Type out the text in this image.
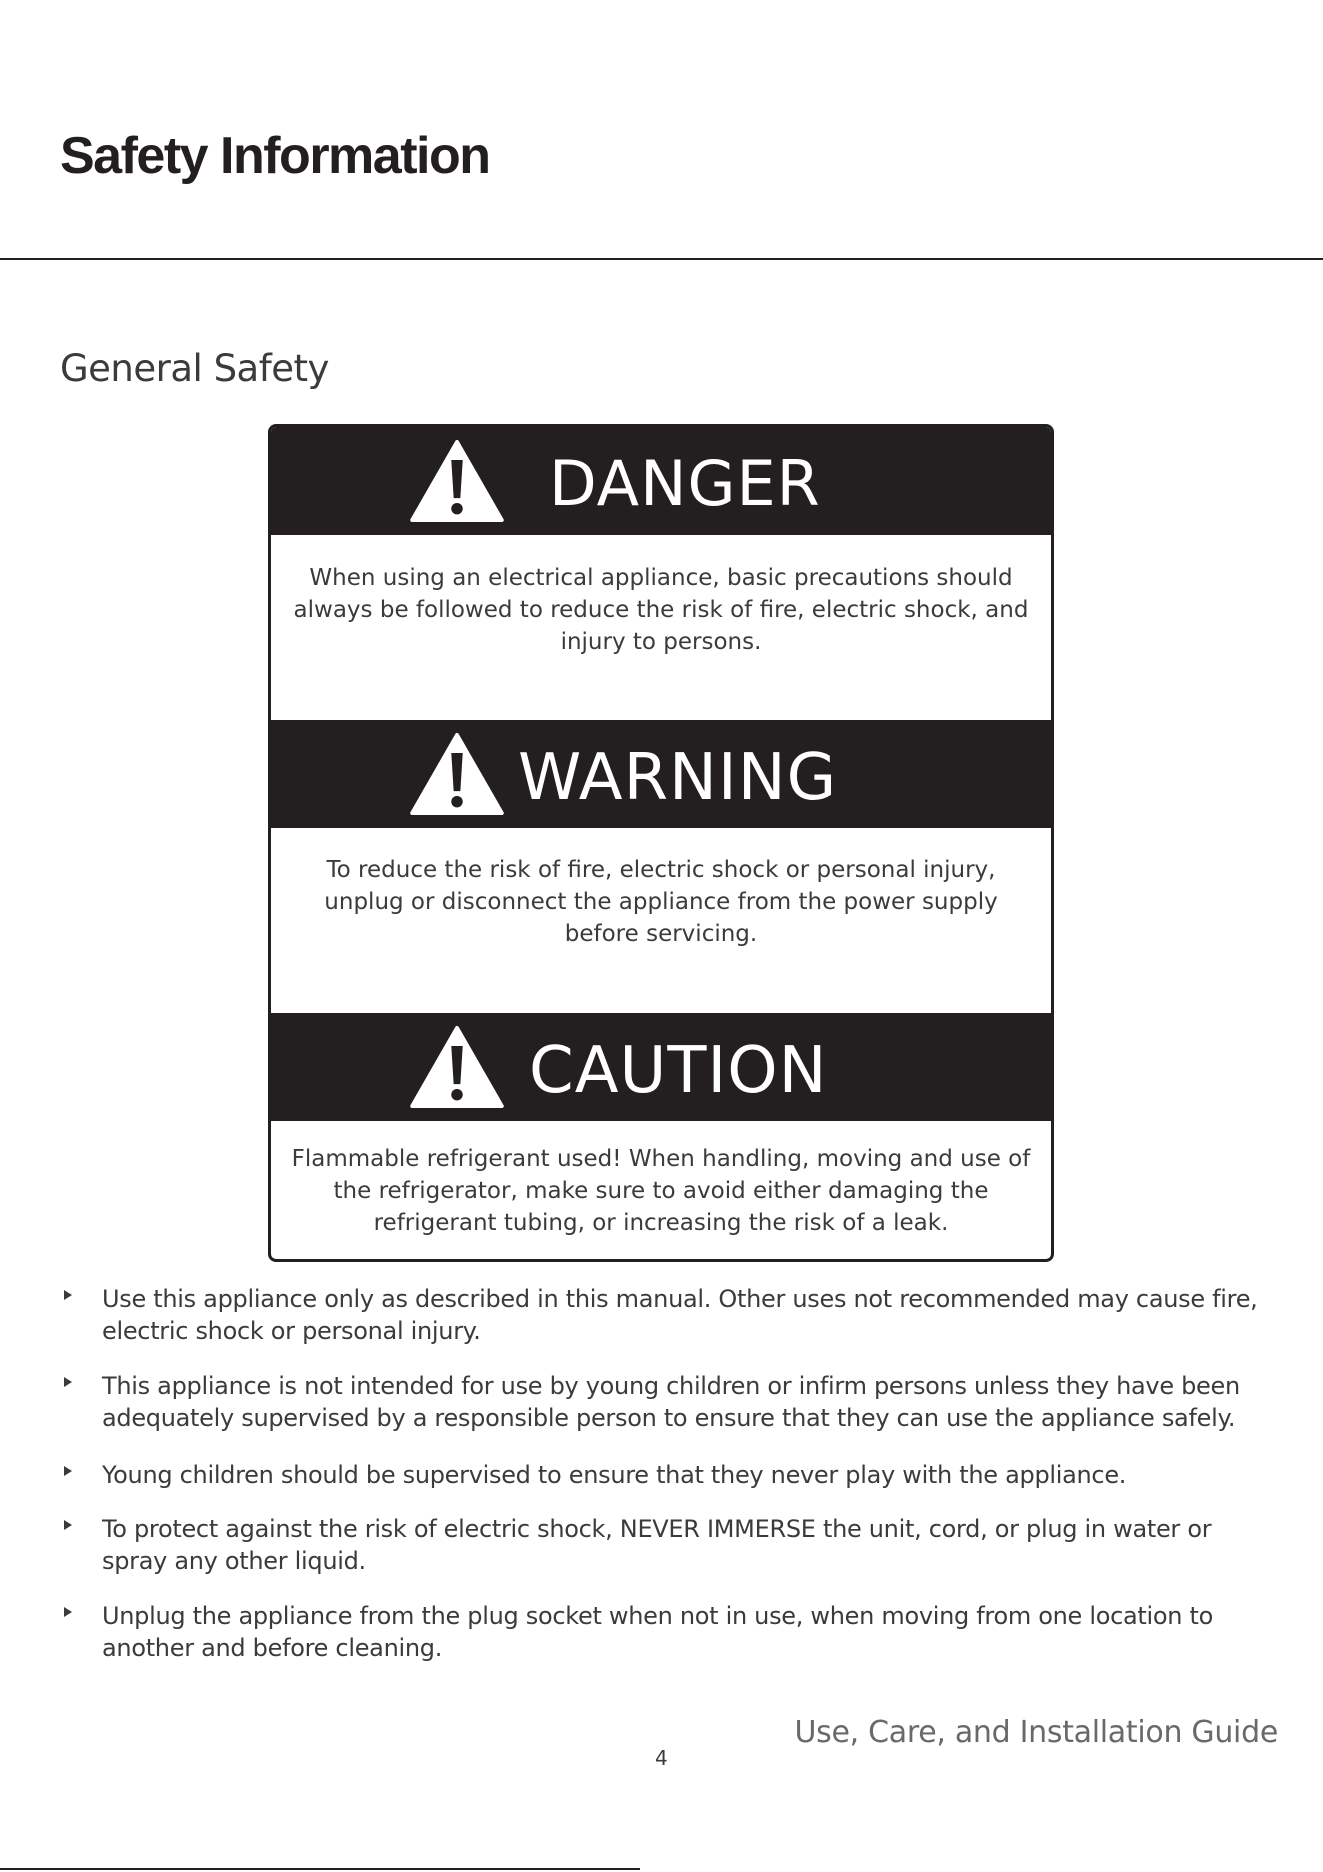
Safety Information
General Safety
DANGER

When using an electrical appliance, basic precautions should always be followed to reduce the risk of fire, electric shock, and injury to persons.

WARNING

To reduce the risk of fire, electric shock or personal injury, unplug or disconnect the appliance from the power supply before servicing.

CAUTION

Flammable refrigerant used! When handling, moving and use of the refrigerator, make sure to avoid either damaging the refrigerant tubing, or increasing the risk of a leak.

Use this appliance only as described in this manual. Other uses not recommended may cause fire, electric shock or personal injury.
This appliance is not intended for use by young children or infirm persons unless they have been adequately supervised by a responsible person to ensure that they can use the appliance safely.
Young children should be supervised to ensure that they never play with the appliance.
To protect against the risk of electric shock, NEVER IMMERSE the unit, cord, or plug in water or spray any other liquid.
Unplug the appliance from the plug socket when not in use, when moving from one location to another and before cleaning.
Use, Care, and Installation Guide
4
